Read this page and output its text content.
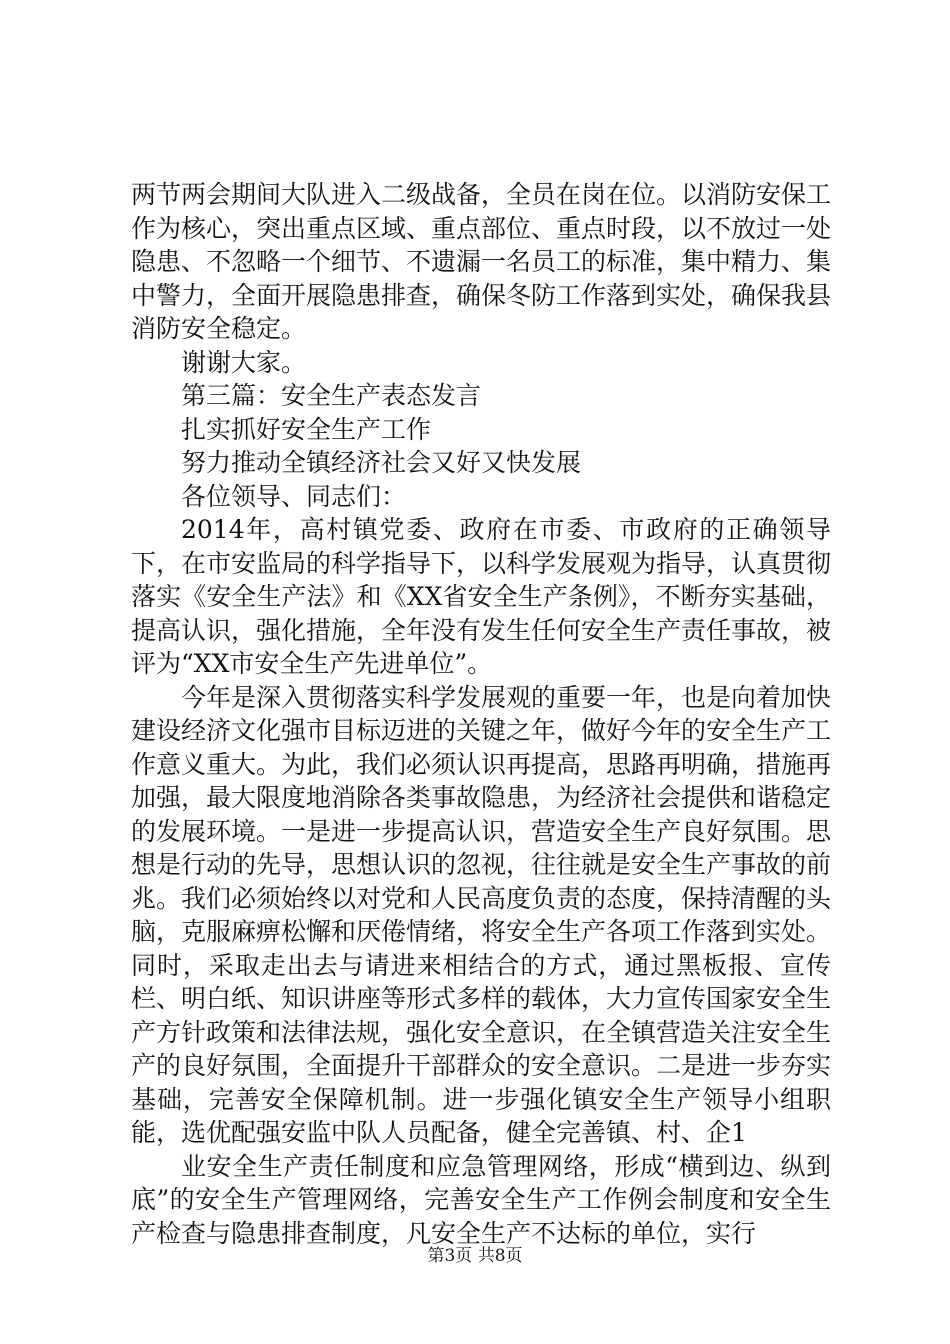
两节两会期间大队进入二级战备，全员在岗在位。以消防安保工作为核心，突出重点区域、重点部位、重点时段，以不放过一处隐患、不忽略一个细节、不遗漏一名员工的标准，集中精力、集中警力，全面开展隐患排查，确保冬防工作落到实处，确保我县消防安全稳定。

谢谢大家。

第三篇：安全生产表态发言

扎实抓好安全生产工作

努力推动全镇经济社会又好又快发展

各位领导、同志们：

2014年，高村镇党委、政府在市委、市政府的正确领导下，在市安监局的科学指导下，以科学发展观为指导，认真贯彻落实《安全生产法》和《XX省安全生产条例》，不断夯实基础，提高认识，强化措施，全年没有发生任何安全生产责任事故，被评为“XX市安全生产先进单位”。

今年是深入贯彻落实科学发展观的重要一年，也是向着加快建设经济文化强市目标迈进的关键之年，做好今年的安全生产工作意义重大。为此，我们必须认识再提高，思路再明确，措施再加强，最大限度地消除各类事故隐患，为经济社会提供和谐稳定的发展环境。一是进一步提高认识，营造安全生产良好氛围。思想是行动的先导，思想认识的忽视，往往就是安全生产事故的前兆。我们必须始终以对党和人民高度负责的态度，保持清醒的头脑，克服麻痹松懈和厌倦情绪，将安全生产各项工作落到实处。同时，采取走出去与请进来相结合的方式，通过黑板报、宣传栏、明白纸、知识讲座等形式多样的载体，大力宣传国家安全生产方针政策和法律法规，强化安全意识，在全镇营造关注安全生产的良好氛围，全面提升干部群众的安全意识。二是进一步夯实基础，完善安全保障机制。进一步强化镇安全生产领导小组职能，选优配强安监中队人员配备，健全完善镇、村、企1

业安全生产责任制度和应急管理网络，形成“横到边、纵到底”的安全生产管理网络，完善安全生产工作例会制度和安全生产检查与隐患排查制度，凡安全生产不达标的单位，实行

第3页 共8页
